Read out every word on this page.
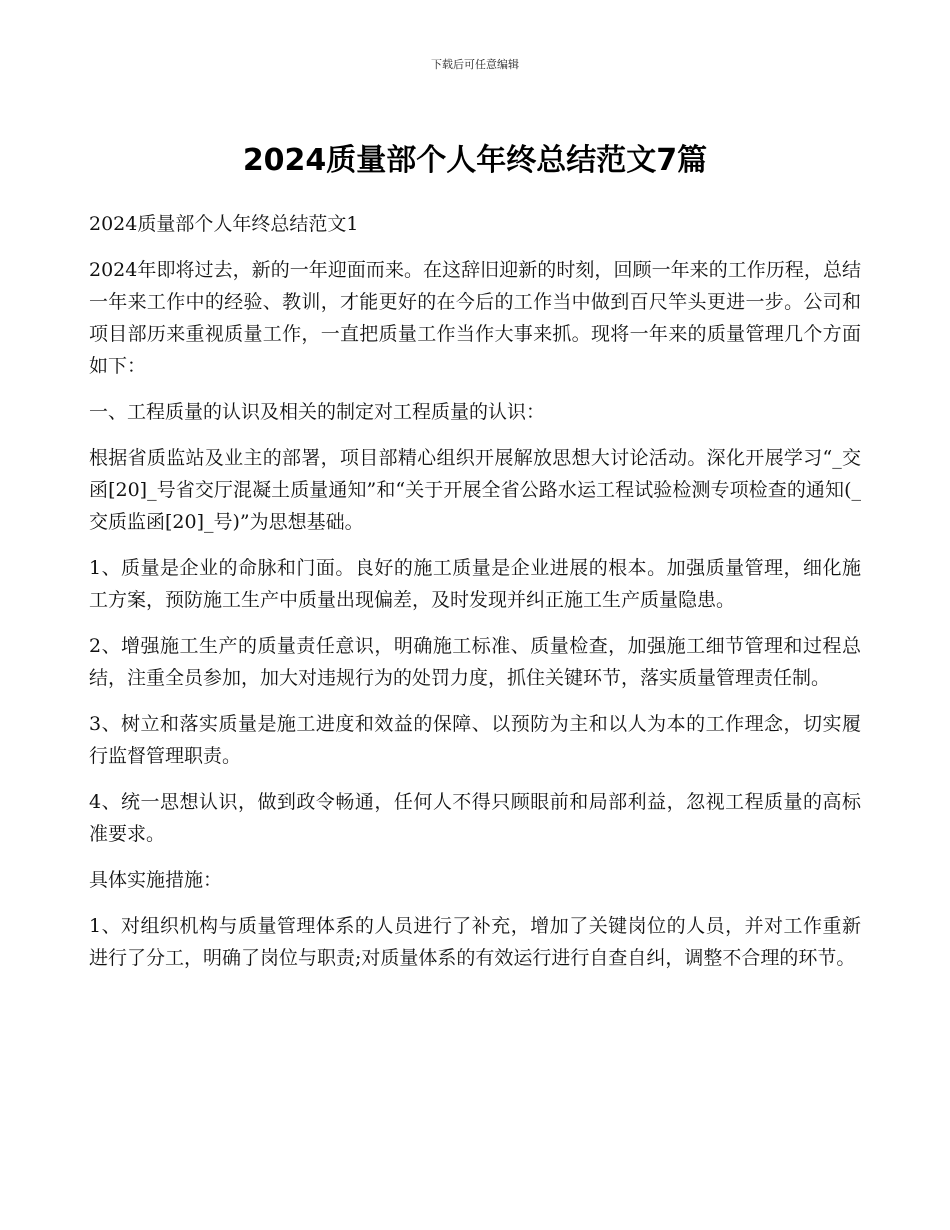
下载后可任意编辑
2024质量部个人年终总结范文7篇

2024质量部个人年终总结范文1

2024年即将过去，新的一年迎面而来。在这辞旧迎新的时刻，回顾一年来的工作历程，总结一年来工作中的经验、教训，才能更好的在今后的工作当中做到百尺竿头更进一步。公司和项目部历来重视质量工作，一直把质量工作当作大事来抓。现将一年来的质量管理几个方面如下：

一、工程质量的认识及相关的制定对工程质量的认识：

根据省质监站及业主的部署，项目部精心组织开展解放思想大讨论活动。深化开展学习“_交函[20]_号省交厅混凝土质量通知”和“关于开展全省公路水运工程试验检测专项检查的通知(_交质监函[20]_号)”为思想基础。

1、质量是企业的命脉和门面。良好的施工质量是企业进展的根本。加强质量管理，细化施工方案，预防施工生产中质量出现偏差，及时发现并纠正施工生产质量隐患。

2、增强施工生产的质量责任意识，明确施工标准、质量检查，加强施工细节管理和过程总结，注重全员参加，加大对违规行为的处罚力度，抓住关键环节，落实质量管理责任制。

3、树立和落实质量是施工进度和效益的保障、以预防为主和以人为本的工作理念，切实履行监督管理职责。

4、统一思想认识，做到政令畅通，任何人不得只顾眼前和局部利益，忽视工程质量的高标准要求。

具体实施措施：

1、对组织机构与质量管理体系的人员进行了补充，增加了关键岗位的人员，并对工作重新进行了分工，明确了岗位与职责;对质量体系的有效运行进行自查自纠，调整不合理的环节。
